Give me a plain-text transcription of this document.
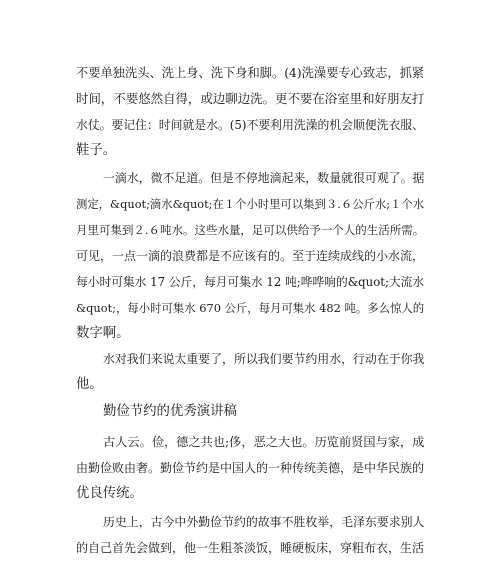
不要单独洗头、洗上身、洗下身和脚。(4)洗澡要专心致志，抓紧
时间，不要悠然自得，或边聊边洗。更不要在浴室里和好朋友打
水仗。要记住：时间就是水。(5)不要利用洗澡的机会顺便洗衣服、
鞋子。
一滴水，微不足道。但是不停地滴起来，数量就很可观了。据
测定，&quot;滴水&quot;在１个小时里可以集到３.６公斤水;１个水
月里可集到２.６吨水。这些水量，足可以供给予一个人的生活所需。
可见，一点一滴的浪费都是不应该有的。至于连续成线的小水流，
每小时可集水 17 公斤，每月可集水 12 吨;哗哗响的&quot;大流水
&quot;，每小时可集水 670 公斤，每月可集水 482 吨。多么惊人的
数字啊。
水对我们来说太重要了，所以我们要节约用水，行动在于你我
他。
勤俭节约的优秀演讲稿
古人云。俭，德之共也;侈，恶之大也。历览前贤国与家，成
由勤俭败由奢。勤俭节约是中国人的一种传统美德，是中华民族的
优良传统。
历史上，古今中外勤俭节约的故事不胜枚举，毛泽东要求别人
的自己首先会做到，他一生粗茶淡饭，睡硬板床，穿粗布衣，生活
